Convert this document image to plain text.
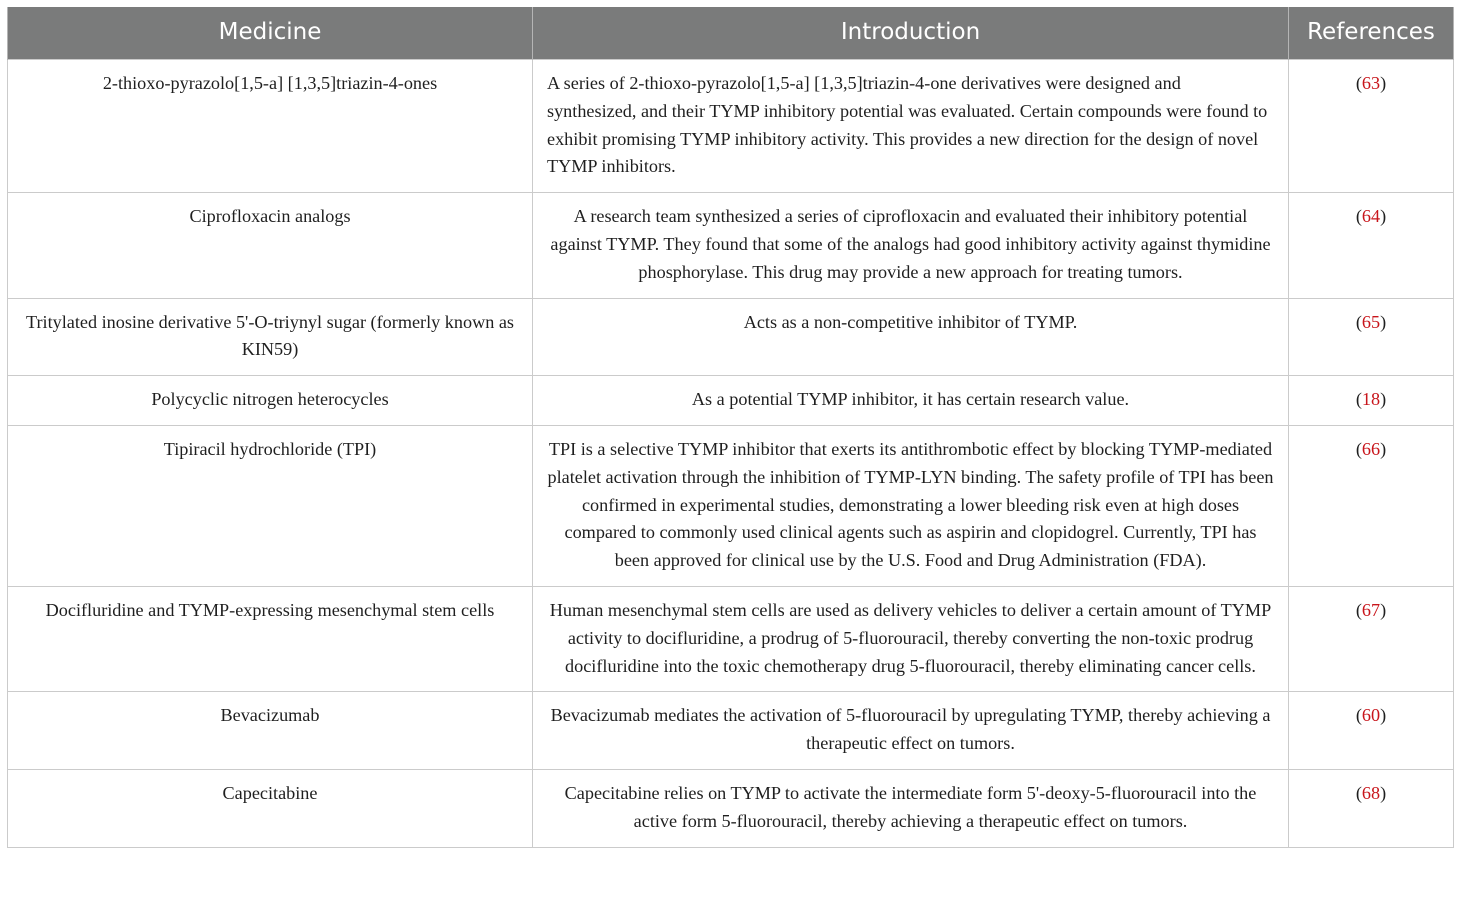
Medicine	Introduction	References
2-thioxo-pyrazolo[1,5-a] [1,3,5]triazin-4-ones	A series of 2-thioxo-pyrazolo[1,5-a] [1,3,5]triazin-4-one derivatives were designed and synthesized, and their TYMP inhibitory potential was evaluated. Certain compounds were found to exhibit promising TYMP inhibitory activity. This provides a new direction for the design of novel TYMP inhibitors.	(63)
Ciprofloxacin analogs	A research team synthesized a series of ciprofloxacin and evaluated their inhibitory potential against TYMP. They found that some of the analogs had good inhibitory activity against thymidine phosphorylase. This drug may provide a new approach for treating tumors.	(64)
Tritylated inosine derivative 5'-O-triynyl sugar (formerly known as KIN59)	Acts as a non-competitive inhibitor of TYMP.	(65)
Polycyclic nitrogen heterocycles	As a potential TYMP inhibitor, it has certain research value.	(18)
Tipiracil hydrochloride (TPI)	TPI is a selective TYMP inhibitor that exerts its antithrombotic effect by blocking TYMP-mediated platelet activation through the inhibition of TYMP-LYN binding. The safety profile of TPI has been confirmed in experimental studies, demonstrating a lower bleeding risk even at high doses compared to commonly used clinical agents such as aspirin and clopidogrel. Currently, TPI has been approved for clinical use by the U.S. Food and Drug Administration (FDA).	(66)
Docifluridine and TYMP-expressing mesenchymal stem cells	Human mesenchymal stem cells are used as delivery vehicles to deliver a certain amount of TYMP activity to docifluridine, a prodrug of 5-fluorouracil, thereby converting the non-toxic prodrug docifluridine into the toxic chemotherapy drug 5-fluorouracil, thereby eliminating cancer cells.	(67)
Bevacizumab	Bevacizumab mediates the activation of 5-fluorouracil by upregulating TYMP, thereby achieving a therapeutic effect on tumors.	(60)
Capecitabine	Capecitabine relies on TYMP to activate the intermediate form 5'-deoxy-5-fluorouracil into the active form 5-fluorouracil, thereby achieving a therapeutic effect on tumors.	(68)
